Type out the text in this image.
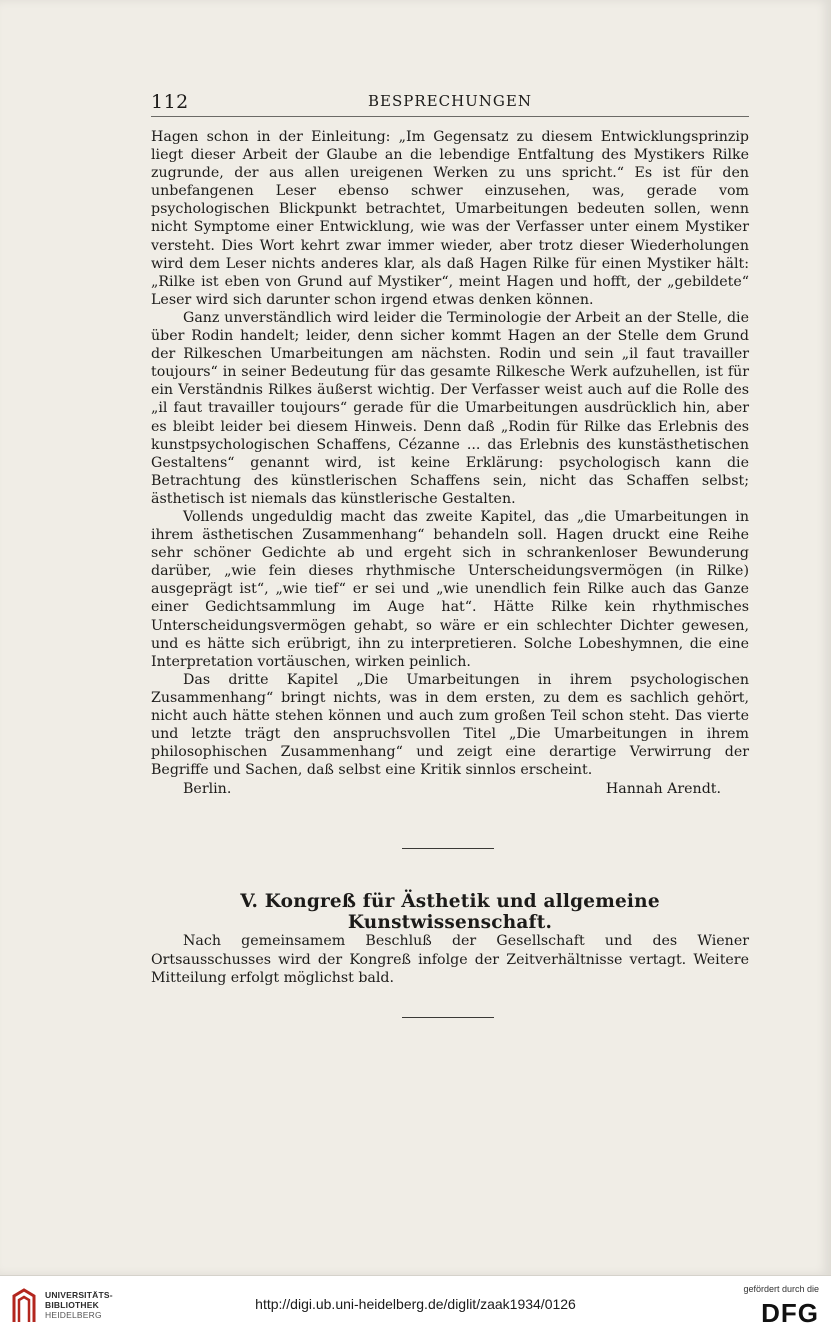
112	BESPRECHUNGEN

Hagen schon in der Einleitung: „Im Gegensatz zu diesem Entwicklungsprinzip liegt dieser Arbeit der Glaube an die lebendige Entfaltung des Mystikers Rilke zugrunde, der aus allen ureigenen Werken zu uns spricht.“ Es ist für den unbefangenen Leser ebenso schwer einzusehen, was, gerade vom psychologischen Blickpunkt betrachtet, Umarbeitungen bedeuten sollen, wenn nicht Symptome einer Entwicklung, wie was der Verfasser unter einem Mystiker versteht. Dies Wort kehrt zwar immer wieder, aber trotz dieser Wiederholungen wird dem Leser nichts anderes klar, als daß Hagen Rilke für einen Mystiker hält: „Rilke ist eben von Grund auf Mystiker“, meint Hagen und hofft, der „gebildete“ Leser wird sich darunter schon irgend etwas denken können.

Ganz unverständlich wird leider die Terminologie der Arbeit an der Stelle, die über Rodin handelt; leider, denn sicher kommt Hagen an der Stelle dem Grund der Rilkeschen Umarbeitungen am nächsten. Rodin und sein „il faut travailler toujours“ in seiner Bedeutung für das gesamte Rilkesche Werk aufzuhellen, ist für ein Verständnis Rilkes äußerst wichtig. Der Verfasser weist auch auf die Rolle des „il faut travailler toujours“ gerade für die Umarbeitungen ausdrücklich hin, aber es bleibt leider bei diesem Hinweis. Denn daß „Rodin für Rilke das Erlebnis des kunstpsychologischen Schaffens, Cézanne ... das Erlebnis des kunstästhetischen Gestaltens“ genannt wird, ist keine Erklärung: psychologisch kann die Betrachtung des künstlerischen Schaffens sein, nicht das Schaffen selbst; ästhetisch ist niemals das künstlerische Gestalten.

Vollends ungeduldig macht das zweite Kapitel, das „die Umarbeitungen in ihrem ästhetischen Zusammenhang“ behandeln soll. Hagen druckt eine Reihe sehr schöner Gedichte ab und ergeht sich in schrankenloser Bewunderung darüber, „wie fein dieses rhythmische Unterscheidungsvermögen (in Rilke) ausgeprägt ist“, „wie tief“ er sei und „wie unendlich fein Rilke auch das Ganze einer Gedichtsammlung im Auge hat“. Hätte Rilke kein rhythmisches Unterscheidungsvermögen gehabt, so wäre er ein schlechter Dichter gewesen, und es hätte sich erübrigt, ihn zu interpretieren. Solche Lobeshymnen, die eine Interpretation vortäuschen, wirken peinlich.

Das dritte Kapitel „Die Umarbeitungen in ihrem psychologischen Zusammenhang“ bringt nichts, was in dem ersten, zu dem es sachlich gehört, nicht auch hätte stehen können und auch zum großen Teil schon steht. Das vierte und letzte trägt den anspruchsvollen Titel „Die Umarbeitungen in ihrem philosophischen Zusammenhang“ und zeigt eine derartige Verwirrung der Begriffe und Sachen, daß selbst eine Kritik sinnlos erscheint.

Berlin.	Hannah Arendt.
V. Kongreß für Ästhetik und allgemeine Kunstwissenschaft.

Nach gemeinsamem Beschluß der Gesellschaft und des Wiener Ortsausschusses wird der Kongreß infolge der Zeitverhältnisse vertagt. Weitere Mitteilung erfolgt möglichst bald.

UNIVERSITÄTS-
BIBLIOTHEK
HEIDELBERG
http://digi.ub.uni-heidelberg.de/diglit/zaak1934/0126
gefördert durch die
DFG
